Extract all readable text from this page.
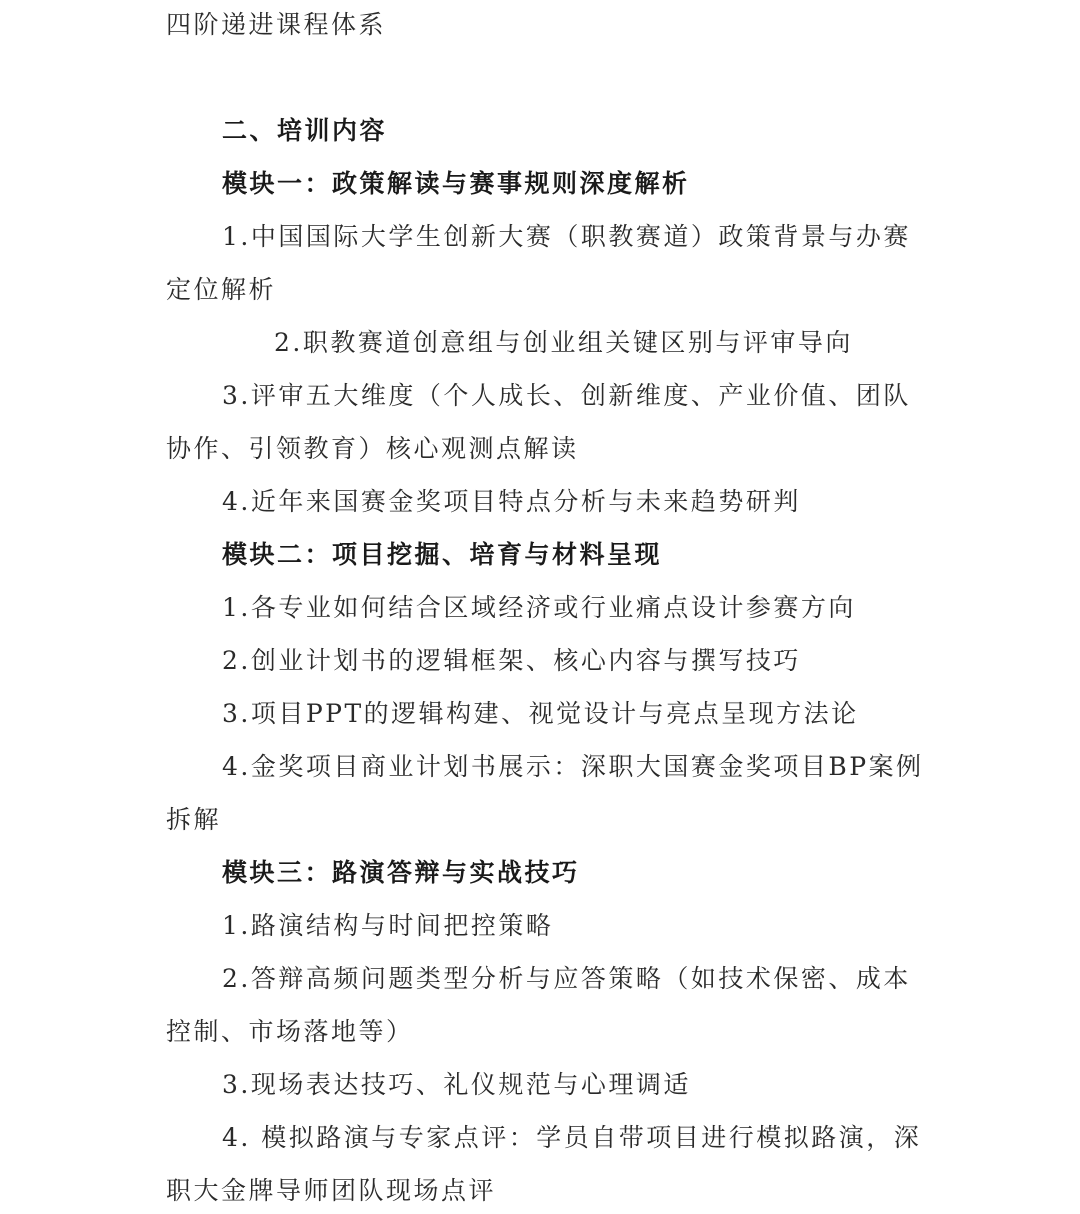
四阶递进课程体系
二、培训内容
模块一：政策解读与赛事规则深度解析
1.中国国际大学生创新大赛（职教赛道）政策背景与办赛
定位解析
2.职教赛道创意组与创业组关键区别与评审导向
3.评审五大维度（个人成长、创新维度、产业价值、团队
协作、引领教育）核心观测点解读
4.近年来国赛金奖项目特点分析与未来趋势研判
模块二：项目挖掘、培育与材料呈现
1.各专业如何结合区域经济或行业痛点设计参赛方向
2.创业计划书的逻辑框架、核心内容与撰写技巧
3.项目PPT的逻辑构建、视觉设计与亮点呈现方法论
4.金奖项目商业计划书展示：深职大国赛金奖项目BP案例
拆解
模块三：路演答辩与实战技巧
1.路演结构与时间把控策略
2.答辩高频问题类型分析与应答策略（如技术保密、成本
控制、市场落地等）
3.现场表达技巧、礼仪规范与心理调适
4. 模拟路演与专家点评：学员自带项目进行模拟路演，深
职大金牌导师团队现场点评
